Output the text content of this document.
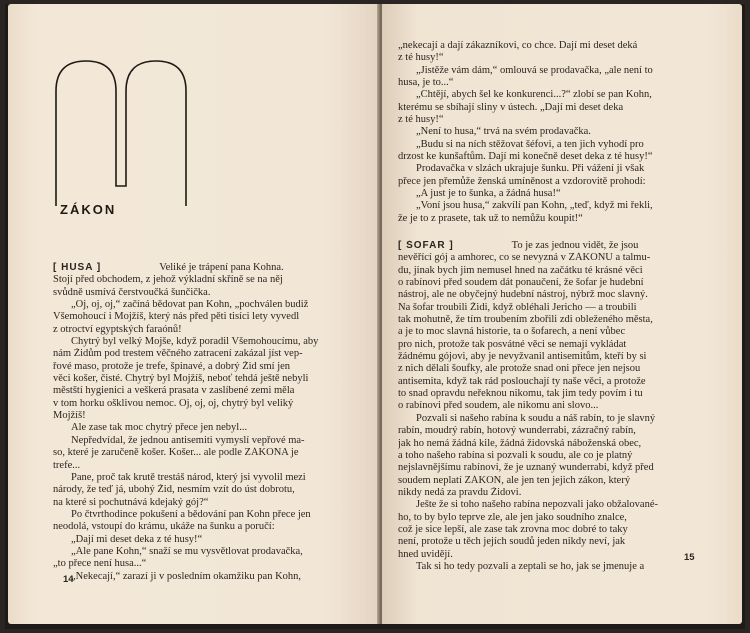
ZÁKON
[ HUSA ]	Veliké je trápení pana Kohna.
Stojí před obchodem, z jehož výkladní skříně se na něj
svůdně usmívá čerstvoučká šunčička.
„Oj, oj, oj,“ začíná bědovat pan Kohn, „pochválen budiž
Všemohoucí i Mojžíš, který nás před pěti tisíci lety vyvedl
z otroctví egyptských faraónů!
Chytrý byl velký Mojše, když poradil Všemohoucímu, aby
nám Židům pod trestem věčného zatracení zakázal jíst vep-
řové maso, protože je trefe, špinavé, a dobrý Žid smí jen
věci košer, čisté. Chytrý byl Mojžíš, neboť tehdá ještě nebyli
městští hygienici a veškerá prasata v zaslíbené zemi měla
v tom horku ošklivou nemoc. Oj, oj, oj, chytrý byl veliký
Mojžíš!
Ale zase tak moc chytrý přece jen nebyl...
Nepředvídal, že jednou antisemiti vymyslí vepřové ma-
so, které je zaručeně košer. Košer... ale podle ZÁKONA je
trefe...
Pane, proč tak krutě trestáš národ, který jsi vyvolil mezi
národy, že teď já, ubohý Žid, nesmím vzít do úst dobrotu,
na které si pochutnává kdejaký gój?“
Po čtvrthodince pokušení a bědování pan Kohn přece jen
neodolá, vstoupí do krámu, ukáže na šunku a poručí:
„Dají mi deset deka z té husy!“
„Ale pane Kohn,“ snaží se mu vysvětlovat prodavačka,
„to přece není husa...“
„Nekecají,“ zarazí ji v posledním okamžiku pan Kohn,
14
„nekecají a dají zákazníkovi, co chce. Dají mi deset deká
z té husy!“
„Jistěže vám dám,“ omlouvá se prodavačka, „ale není to
husa, je to...“
„Chtějí, abych šel ke konkurenci...?“ zlobí se pan Kohn,
kterému se sbíhají sliny v ústech. „Dají mi deset deka
z té husy!“
„Není to husa,“ trvá na svém prodavačka.
„Budu si na ních stěžovat šéfovi, a ten jich vyhodí pro
drzost ke kunšaftům. Dají mi konečně deset deka z té husy!“
Prodavačka v slzách ukrajuje šunku. Při vážení ji však
přece jen přemůže ženská umíněnost a vzdorovitě prohodí:
„A just je to šunka, a žádná husa!“
„Voní jsou husa,“ zakvílí pan Kohn, „teď, když mi řekli,
že je to z prasete, tak už to nemůžu koupit!“
[ ŠOFAR ]	To je zas jednou vidět, že jsou
nevěřící gój a amhorec, co se nevyzná v ZÁKONU a talmu-
du, jinak bych jim nemusel hned na začátku té krásné věci
o rabínovi před soudem dát ponaučení, že šofar je hudební
nástroj, ale ne obyčejný hudební nástroj, nýbrž moc slavný.
Na šofar troubili Židi, když obléhali Jericho — a troubili
tak mohutně, že tím troubením zbořili zdi obleženého města,
a je to moc slavná historie, ta o šofarech, a není vůbec
pro nich, protože tak posvátné věci se nemají vykládat
žádnému gójovi, aby je nevyžvanil antisemitům, kteří by si
z nich dělali šoufky, ale protože snad oni přece jen nejsou
antisemita, když tak rád poslouchají ty naše věci, a protože
to snad opravdu neřeknou nikomu, tak jim tedy povím i tu
o rabínovi před soudem, ale nikomu ani slovo...
Pozvali si našeho rabína k soudu a náš rabín, to je slavný
rabín, moudrý rabín, hotový wunderrabi, zázračný rabín,
jak ho nemá žádná kile, žádná židovská náboženská obec,
a toho našeho rabína si pozvali k soudu, ale co je platný
nejslavnějšímu rabínovi, že je uznaný wunderrabi, když před
soudem neplatí ZÁKON, ale jen ten jejich zákon, který
nikdy nedá za pravdu Židovi.
Ješte že si toho našeho rabína nepozvali jako obžalované-
ho, to by bylo teprve zle, ale jen jako soudního znalce,
což je sice lepší, ale zase tak zrovna moc dobré to taky
není, protože u těch jejích soudů jeden nikdy neví, jak
hned uvidějí.
Tak si ho tedy pozvali a zeptali se ho, jak se jmenuje a
15
